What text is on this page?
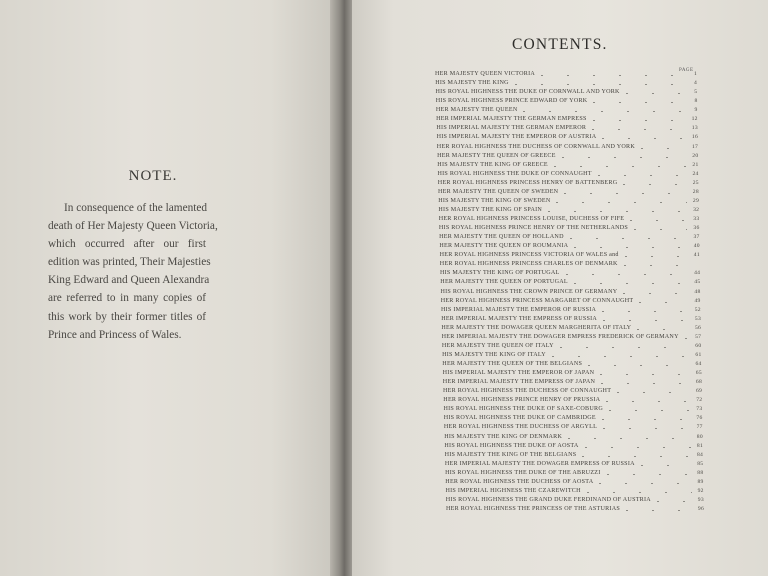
NOTE.
In consequence of the lamented
death of Her Majesty Queen Victoria,
which occurred after our first
edition was printed, Their Majesties
King Edward and Queen Alexandra
are referred to in many copies of
this work by their former titles of
Prince and Princess of Wales.
CONTENTS.
PAGE
HER MAJESTY QUEEN VICTORIA	1
HIS MAJESTY THE KING	4
HIS ROYAL HIGHNESS THE DUKE OF CORNWALL AND YORK	5
HIS ROYAL HIGHNESS PRINCE EDWARD OF YORK	8
HER MAJESTY THE QUEEN	9
HER IMPERIAL MAJESTY THE GERMAN EMPRESS	12
HIS IMPERIAL MAJESTY THE GERMAN EMPEROR	13
HIS IMPERIAL MAJESTY THE EMPEROR OF AUSTRIA	16
HER ROYAL HIGHNESS THE DUCHESS OF CORNWALL AND YORK	17
HER MAJESTY THE QUEEN OF GREECE	20
HIS MAJESTY THE KING OF GREECE	21
HIS ROYAL HIGHNESS THE DUKE OF CONNAUGHT	24
HER ROYAL HIGHNESS PRINCESS HENRY OF BATTENBERG	25
HER MAJESTY THE QUEEN OF SWEDEN	28
HIS MAJESTY THE KING OF SWEDEN	29
HIS MAJESTY THE KING OF SPAIN	32
HER ROYAL HIGHNESS PRINCESS LOUISE, DUCHESS OF FIFE	33
HIS ROYAL HIGHNESS PRINCE HENRY OF THE NETHERLANDS	36
HER MAJESTY THE QUEEN OF HOLLAND	37
HER MAJESTY THE QUEEN OF ROUMANIA	40
HER ROYAL HIGHNESS PRINCESS VICTORIA OF WALES and	41
HER ROYAL HIGHNESS PRINCESS CHARLES OF DENMARK
HIS MAJESTY THE KING OF PORTUGAL	44
HER MAJESTY THE QUEEN OF PORTUGAL	45
HIS ROYAL HIGHNESS THE CROWN PRINCE OF GERMANY	48
HER ROYAL HIGHNESS PRINCESS MARGARET OF CONNAUGHT	49
HIS IMPERIAL MAJESTY THE EMPEROR OF RUSSIA	52
HER IMPERIAL MAJESTY THE EMPRESS OF RUSSIA	53
HER MAJESTY THE DOWAGER QUEEN MARGHERITA OF ITALY	56
HER IMPERIAL MAJESTY THE DOWAGER EMPRESS FREDERICK OF GERMANY	57
HER MAJESTY THE QUEEN OF ITALY	60
HIS MAJESTY THE KING OF ITALY	61
HER MAJESTY THE QUEEN OF THE BELGIANS	64
HIS IMPERIAL MAJESTY THE EMPEROR OF JAPAN	65
HER IMPERIAL MAJESTY THE EMPRESS OF JAPAN	68
HER ROYAL HIGHNESS THE DUCHESS OF CONNAUGHT	69
HER ROYAL HIGHNESS PRINCE HENRY OF PRUSSIA	72
HIS ROYAL HIGHNESS THE DUKE OF SAXE-COBURG	73
HIS ROYAL HIGHNESS THE DUKE OF CAMBRIDGE	76
HER ROYAL HIGHNESS THE DUCHESS OF ARGYLL	77
HIS MAJESTY THE KING OF DENMARK	80
HIS ROYAL HIGHNESS THE DUKE OF AOSTA	81
HIS MAJESTY THE KING OF THE BELGIANS	84
HER IMPERIAL MAJESTY THE DOWAGER EMPRESS OF RUSSIA	85
HIS ROYAL HIGHNESS THE DUKE OF THE ABRUZZI	88
HER ROYAL HIGHNESS THE DUCHESS OF AOSTA	89
HIS IMPERIAL HIGHNESS THE CZAREWITCH	92
HIS ROYAL HIGHNESS THE GRAND DUKE FERDINAND OF AUSTRIA	93
HER ROYAL HIGHNESS THE PRINCESS OF THE ASTURIAS	96
